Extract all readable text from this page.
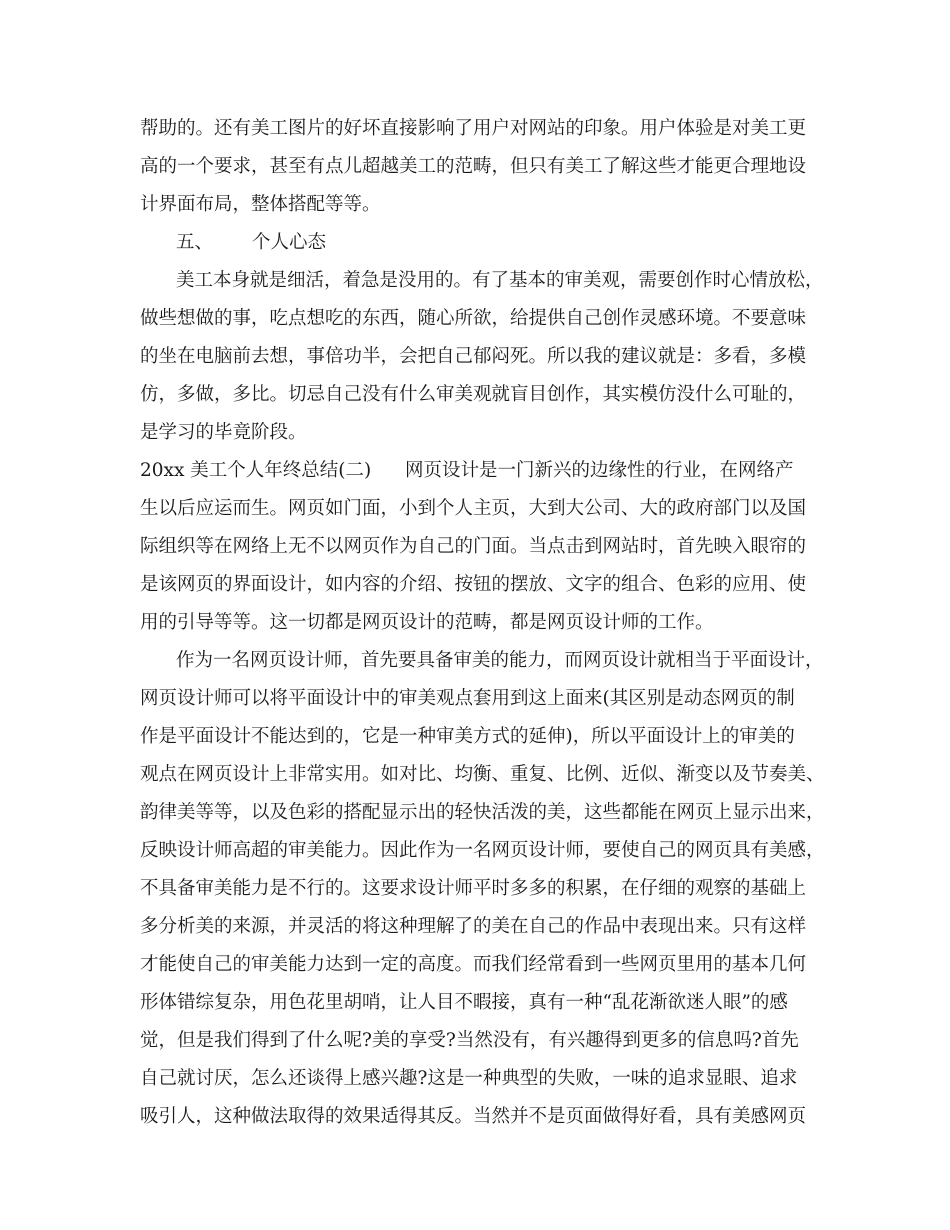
帮助的。还有美工图片的好坏直接影响了用户对网站的印象。用户体验是对美工更
高的一个要求，甚至有点儿超越美工的范畴，但只有美工了解这些才能更合理地设
计界面布局，整体搭配等等。
五、 个人心态
美工本身就是细活，着急是没用的。有了基本的审美观，需要创作时心情放松，
做些想做的事，吃点想吃的东西，随心所欲，给提供自己创作灵感环境。不要意味
的坐在电脑前去想，事倍功半，会把自己郁闷死。所以我的建议就是：多看，多模
仿，多做，多比。切忌自己没有什么审美观就盲目创作，其实模仿没什么可耻的，
是学习的毕竟阶段。
20xx 美工个人年终总结(二) 网页设计是一门新兴的边缘性的行业，在网络产
生以后应运而生。网页如门面，小到个人主页，大到大公司、大的政府部门以及国
际组织等在网络上无不以网页作为自己的门面。当点击到网站时，首先映入眼帘的
是该网页的界面设计，如内容的介绍、按钮的摆放、文字的组合、色彩的应用、使
用的引导等等。这一切都是网页设计的范畴，都是网页设计师的工作。
作为一名网页设计师，首先要具备审美的能力，而网页设计就相当于平面设计，
网页设计师可以将平面设计中的审美观点套用到这上面来(其区别是动态网页的制
作是平面设计不能达到的，它是一种审美方式的延伸)，所以平面设计上的审美的
观点在网页设计上非常实用。如对比、均衡、重复、比例、近似、渐变以及节奏美、
韵律美等等，以及色彩的搭配显示出的轻快活泼的美，这些都能在网页上显示出来，
反映设计师高超的审美能力。因此作为一名网页设计师，要使自己的网页具有美感，
不具备审美能力是不行的。这要求设计师平时多多的积累，在仔细的观察的基础上
多分析美的来源，并灵活的将这种理解了的美在自己的作品中表现出来。只有这样
才能使自己的审美能力达到一定的高度。而我们经常看到一些网页里用的基本几何
形体错综复杂，用色花里胡哨，让人目不暇接，真有一种“乱花渐欲迷人眼”的感
觉，但是我们得到了什么呢?美的享受?当然没有，有兴趣得到更多的信息吗?首先
自己就讨厌，怎么还谈得上感兴趣?这是一种典型的失败，一味的追求显眼、追求
吸引人，这种做法取得的效果适得其反。当然并不是页面做得好看，具有美感网页
